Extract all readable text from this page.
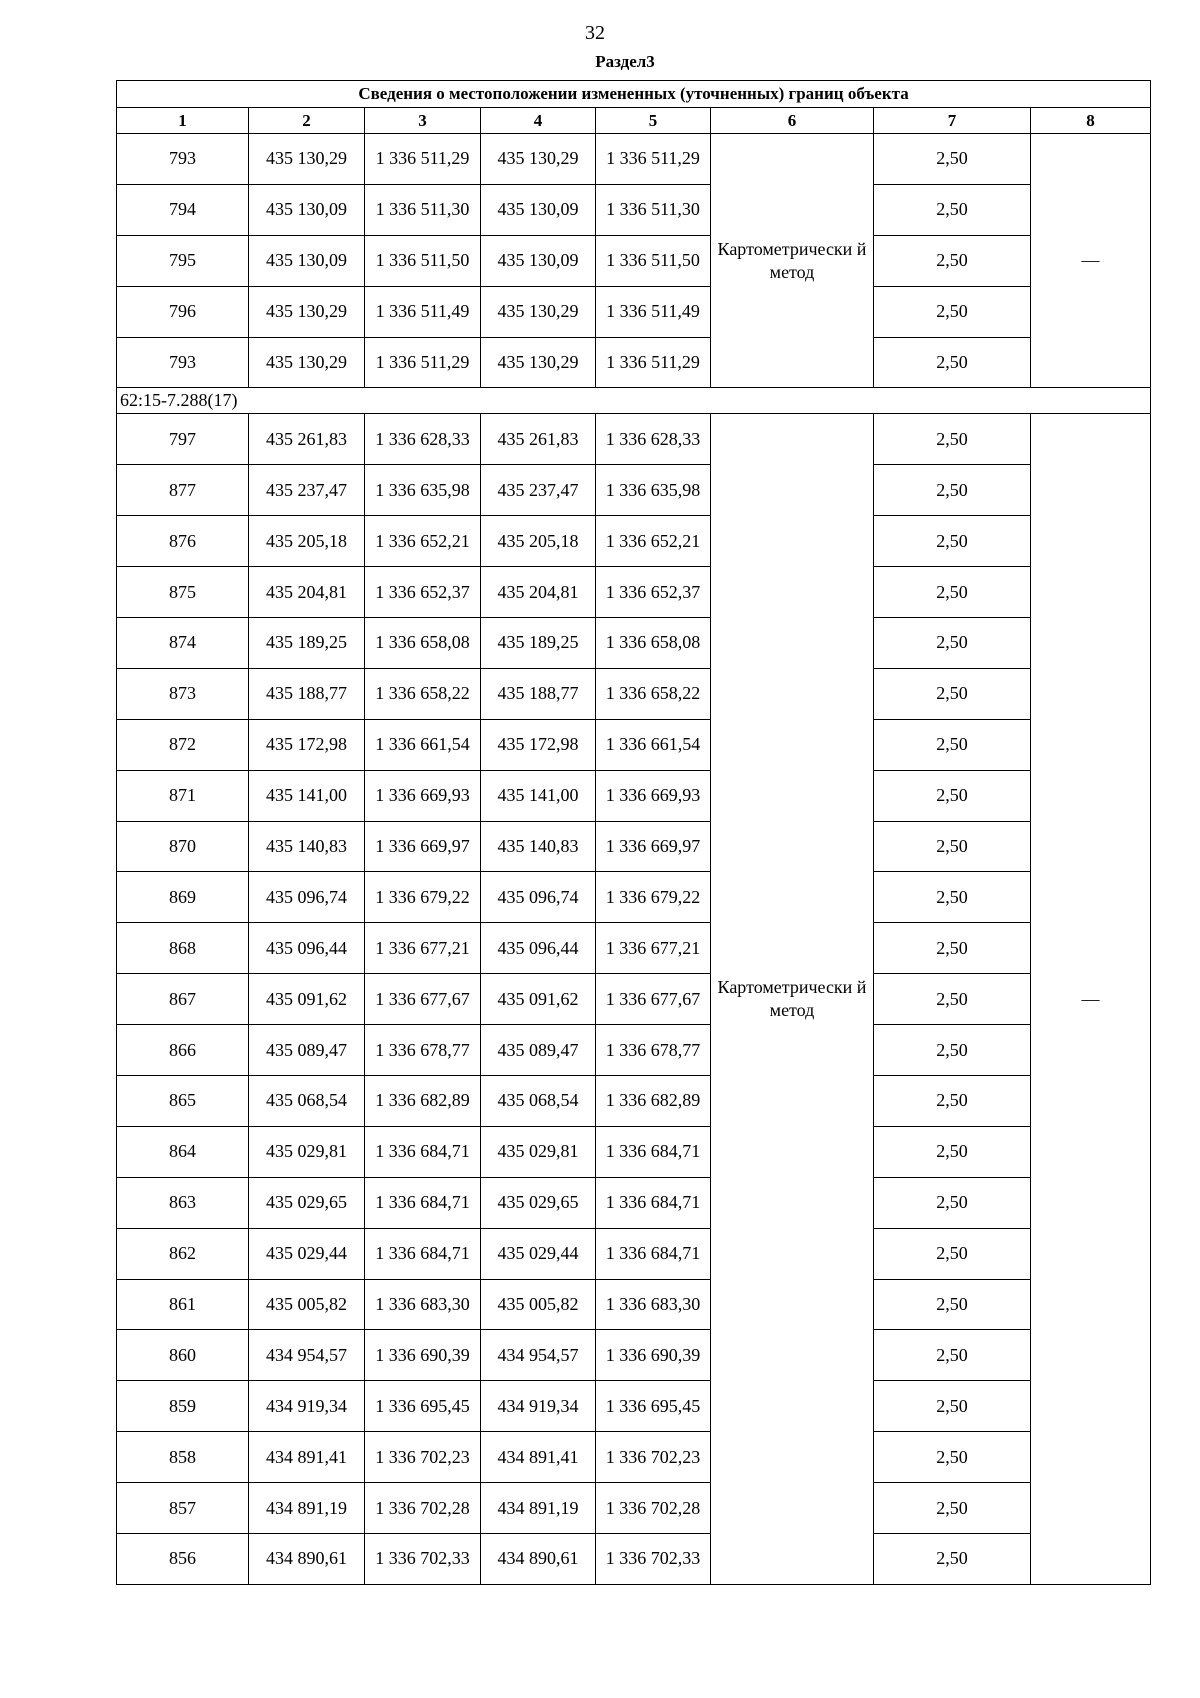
32
Раздел3
Сведения о местоположении измененных (уточненных) границ объекта							
1	2	3	4	5	6	7	8
793	435 130,29	1 336 511,29	435 130,29	1 336 511,29	Картометрически й метод	2,50	—
794	435 130,09	1 336 511,30	435 130,09	1 336 511,30		2,50	
795	435 130,09	1 336 511,50	435 130,09	1 336 511,50		2,50	
796	435 130,29	1 336 511,49	435 130,29	1 336 511,49		2,50	
793	435 130,29	1 336 511,29	435 130,29	1 336 511,29		2,50	
62:15-7.288(17)							
797	435 261,83	1 336 628,33	435 261,83	1 336 628,33	Картометрически й метод	2,50	—
877	435 237,47	1 336 635,98	435 237,47	1 336 635,98		2,50	
876	435 205,18	1 336 652,21	435 205,18	1 336 652,21		2,50	
875	435 204,81	1 336 652,37	435 204,81	1 336 652,37		2,50	
874	435 189,25	1 336 658,08	435 189,25	1 336 658,08		2,50	
873	435 188,77	1 336 658,22	435 188,77	1 336 658,22		2,50	
872	435 172,98	1 336 661,54	435 172,98	1 336 661,54		2,50	
871	435 141,00	1 336 669,93	435 141,00	1 336 669,93		2,50	
870	435 140,83	1 336 669,97	435 140,83	1 336 669,97		2,50	
869	435 096,74	1 336 679,22	435 096,74	1 336 679,22		2,50	
868	435 096,44	1 336 677,21	435 096,44	1 336 677,21		2,50	
867	435 091,62	1 336 677,67	435 091,62	1 336 677,67		2,50	
866	435 089,47	1 336 678,77	435 089,47	1 336 678,77		2,50	
865	435 068,54	1 336 682,89	435 068,54	1 336 682,89		2,50	
864	435 029,81	1 336 684,71	435 029,81	1 336 684,71		2,50	
863	435 029,65	1 336 684,71	435 029,65	1 336 684,71		2,50	
862	435 029,44	1 336 684,71	435 029,44	1 336 684,71		2,50	
861	435 005,82	1 336 683,30	435 005,82	1 336 683,30		2,50	
860	434 954,57	1 336 690,39	434 954,57	1 336 690,39		2,50	
859	434 919,34	1 336 695,45	434 919,34	1 336 695,45		2,50	
858	434 891,41	1 336 702,23	434 891,41	1 336 702,23		2,50	
857	434 891,19	1 336 702,28	434 891,19	1 336 702,28		2,50	
856	434 890,61	1 336 702,33	434 890,61	1 336 702,33		2,50	
